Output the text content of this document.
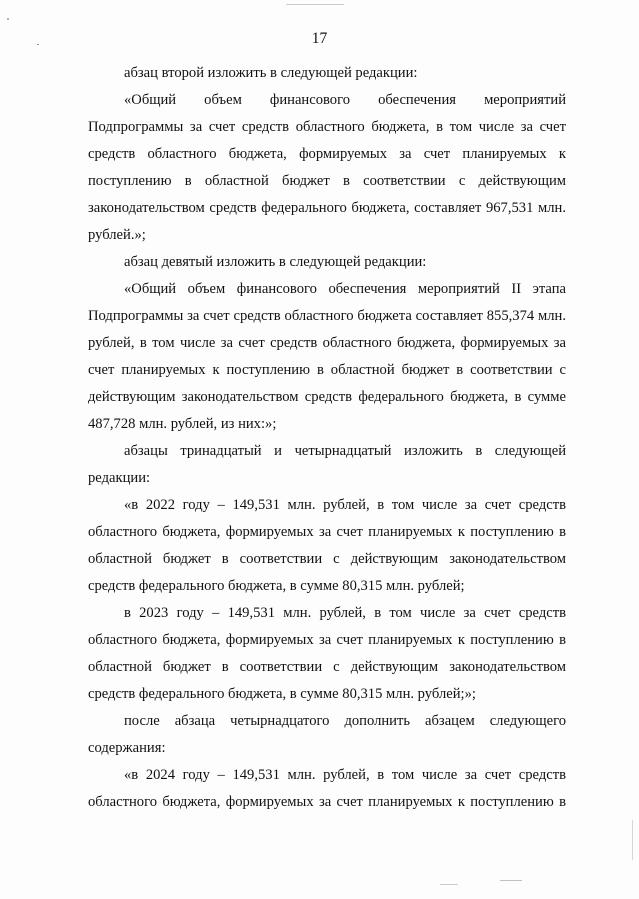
17

абзац второй изложить в следующей редакции:

«Общий объем финансового обеспечения мероприятий Подпрограммы за счет средств областного бюджета, в том числе за счет средств областного бюджета, формируемых за счет планируемых к поступлению в областной бюджет в соответствии с действующим законодательством средств федерального бюджета, составляет 967,531 млн. рублей.»;

абзац девятый изложить в следующей редакции:

«Общий объем финансового обеспечения мероприятий II этапа Подпрограммы за счет средств областного бюджета составляет 855,374 млн. рублей, в том числе за счет средств областного бюджета, формируемых за счет планируемых к поступлению в областной бюджет в соответствии с действующим законодательством средств федерального бюджета, в сумме 487,728 млн. рублей, из них:»;

абзацы тринадцатый и четырнадцатый изложить в следующей редакции:

«в 2022 году – 149,531 млн. рублей, в том числе за счет средств областного бюджета, формируемых за счет планируемых к поступлению в областной бюджет в соответствии с действующим законодательством средств федерального бюджета, в сумме 80,315 млн. рублей;

в 2023 году – 149,531 млн. рублей, в том числе за счет средств областного бюджета, формируемых за счет планируемых к поступлению в областной бюджет в соответствии с действующим законодательством средств федерального бюджета, в сумме 80,315 млн. рублей;»;

после абзаца четырнадцатого дополнить абзацем следующего содержания:

«в 2024 году – 149,531 млн. рублей, в том числе за счет средств областного бюджета, формируемых за счет планируемых к поступлению в
